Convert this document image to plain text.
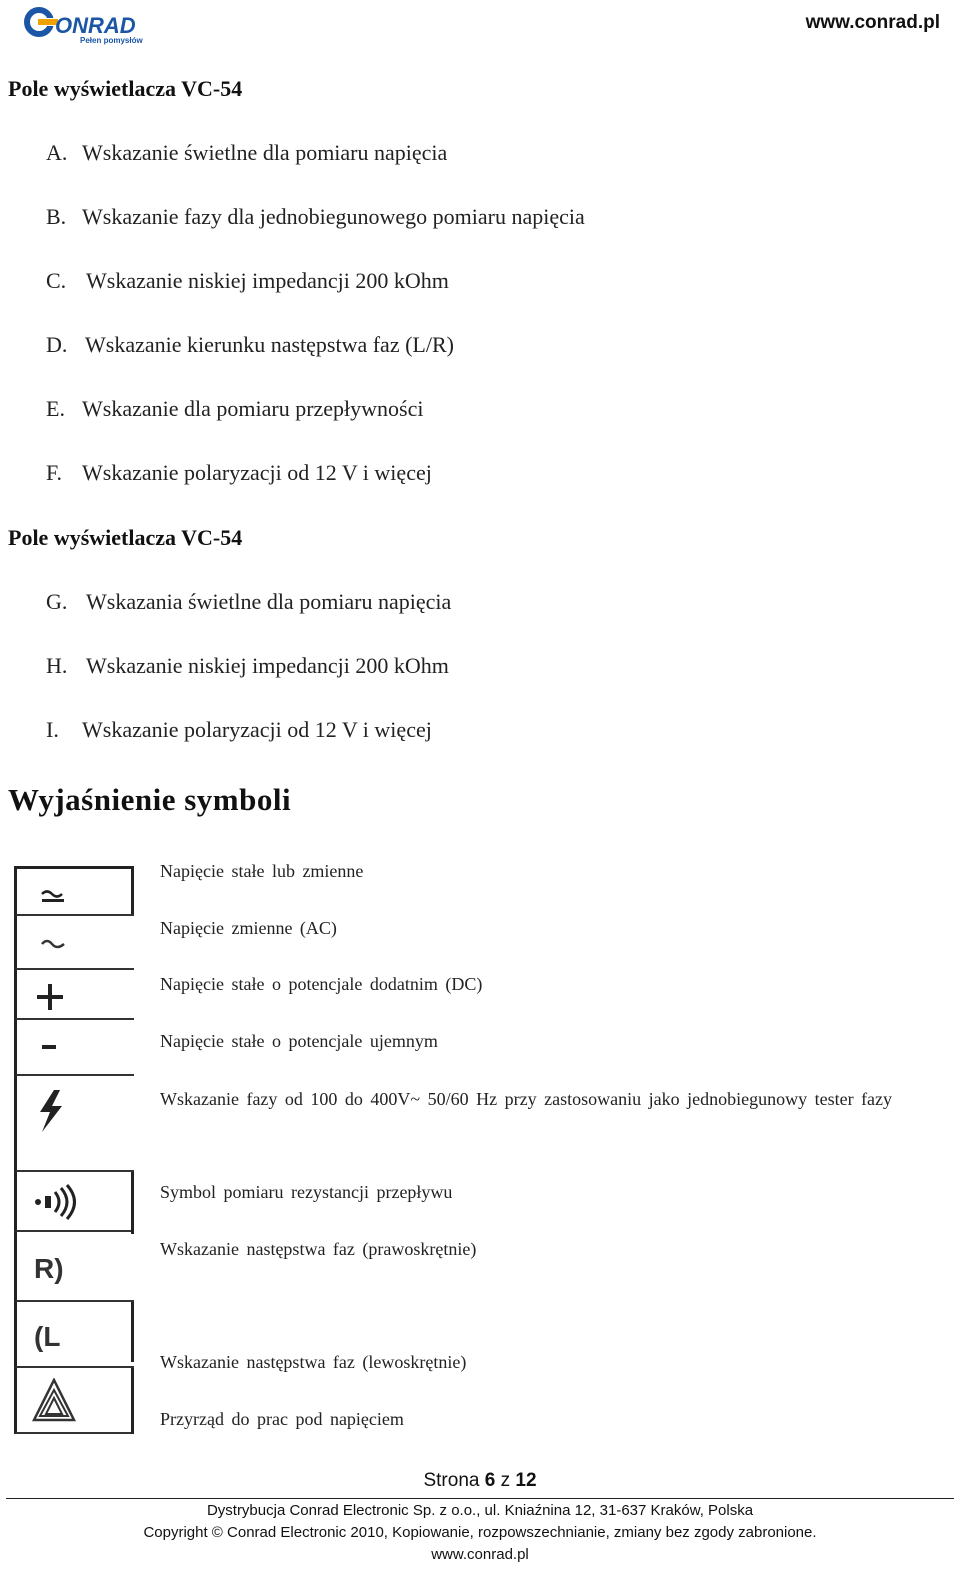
ONRAD
Pełen pomysłów
www.conrad.pl
Pole wyświetlacza VC-54
A. Wskazanie świetlne dla pomiaru napięcia
B. Wskazanie fazy dla jednobiegunowego pomiaru napięcia
C. Wskazanie niskiej impedancji 200 kOhm
D. Wskazanie kierunku następstwa faz (L/R)
E. Wskazanie dla pomiaru przepływności
F. Wskazanie polaryzacji od 12 V i więcej
Pole wyświetlacza VC-54
G. Wskazania świetlne dla pomiaru napięcia
H. Wskazanie niskiej impedancji 200 kOhm
I. Wskazanie polaryzacji od 12 V i więcej
Wyjaśnienie symboli
R)
(L
Napięcie stałe lub zmienne
Napięcie zmienne (AC)
Napięcie stałe o potencjale dodatnim (DC)
Napięcie stałe o potencjale ujemnym
Wskazanie fazy od 100 do 400V~ 50/60 Hz przy zastosowaniu jako jednobiegunowy tester fazy
Symbol pomiaru rezystancji przepływu
Wskazanie następstwa faz (prawoskrętnie)
Wskazanie następstwa faz (lewoskrętnie)
Przyrząd do prac pod napięciem
Strona 6 z 12
Dystrybucja Conrad Electronic Sp. z o.o., ul. Kniaźnina 12, 31-637 Kraków, Polska
Copyright © Conrad Electronic 2010, Kopiowanie, rozpowszechnianie, zmiany bez zgody zabronione.
www.conrad.pl
